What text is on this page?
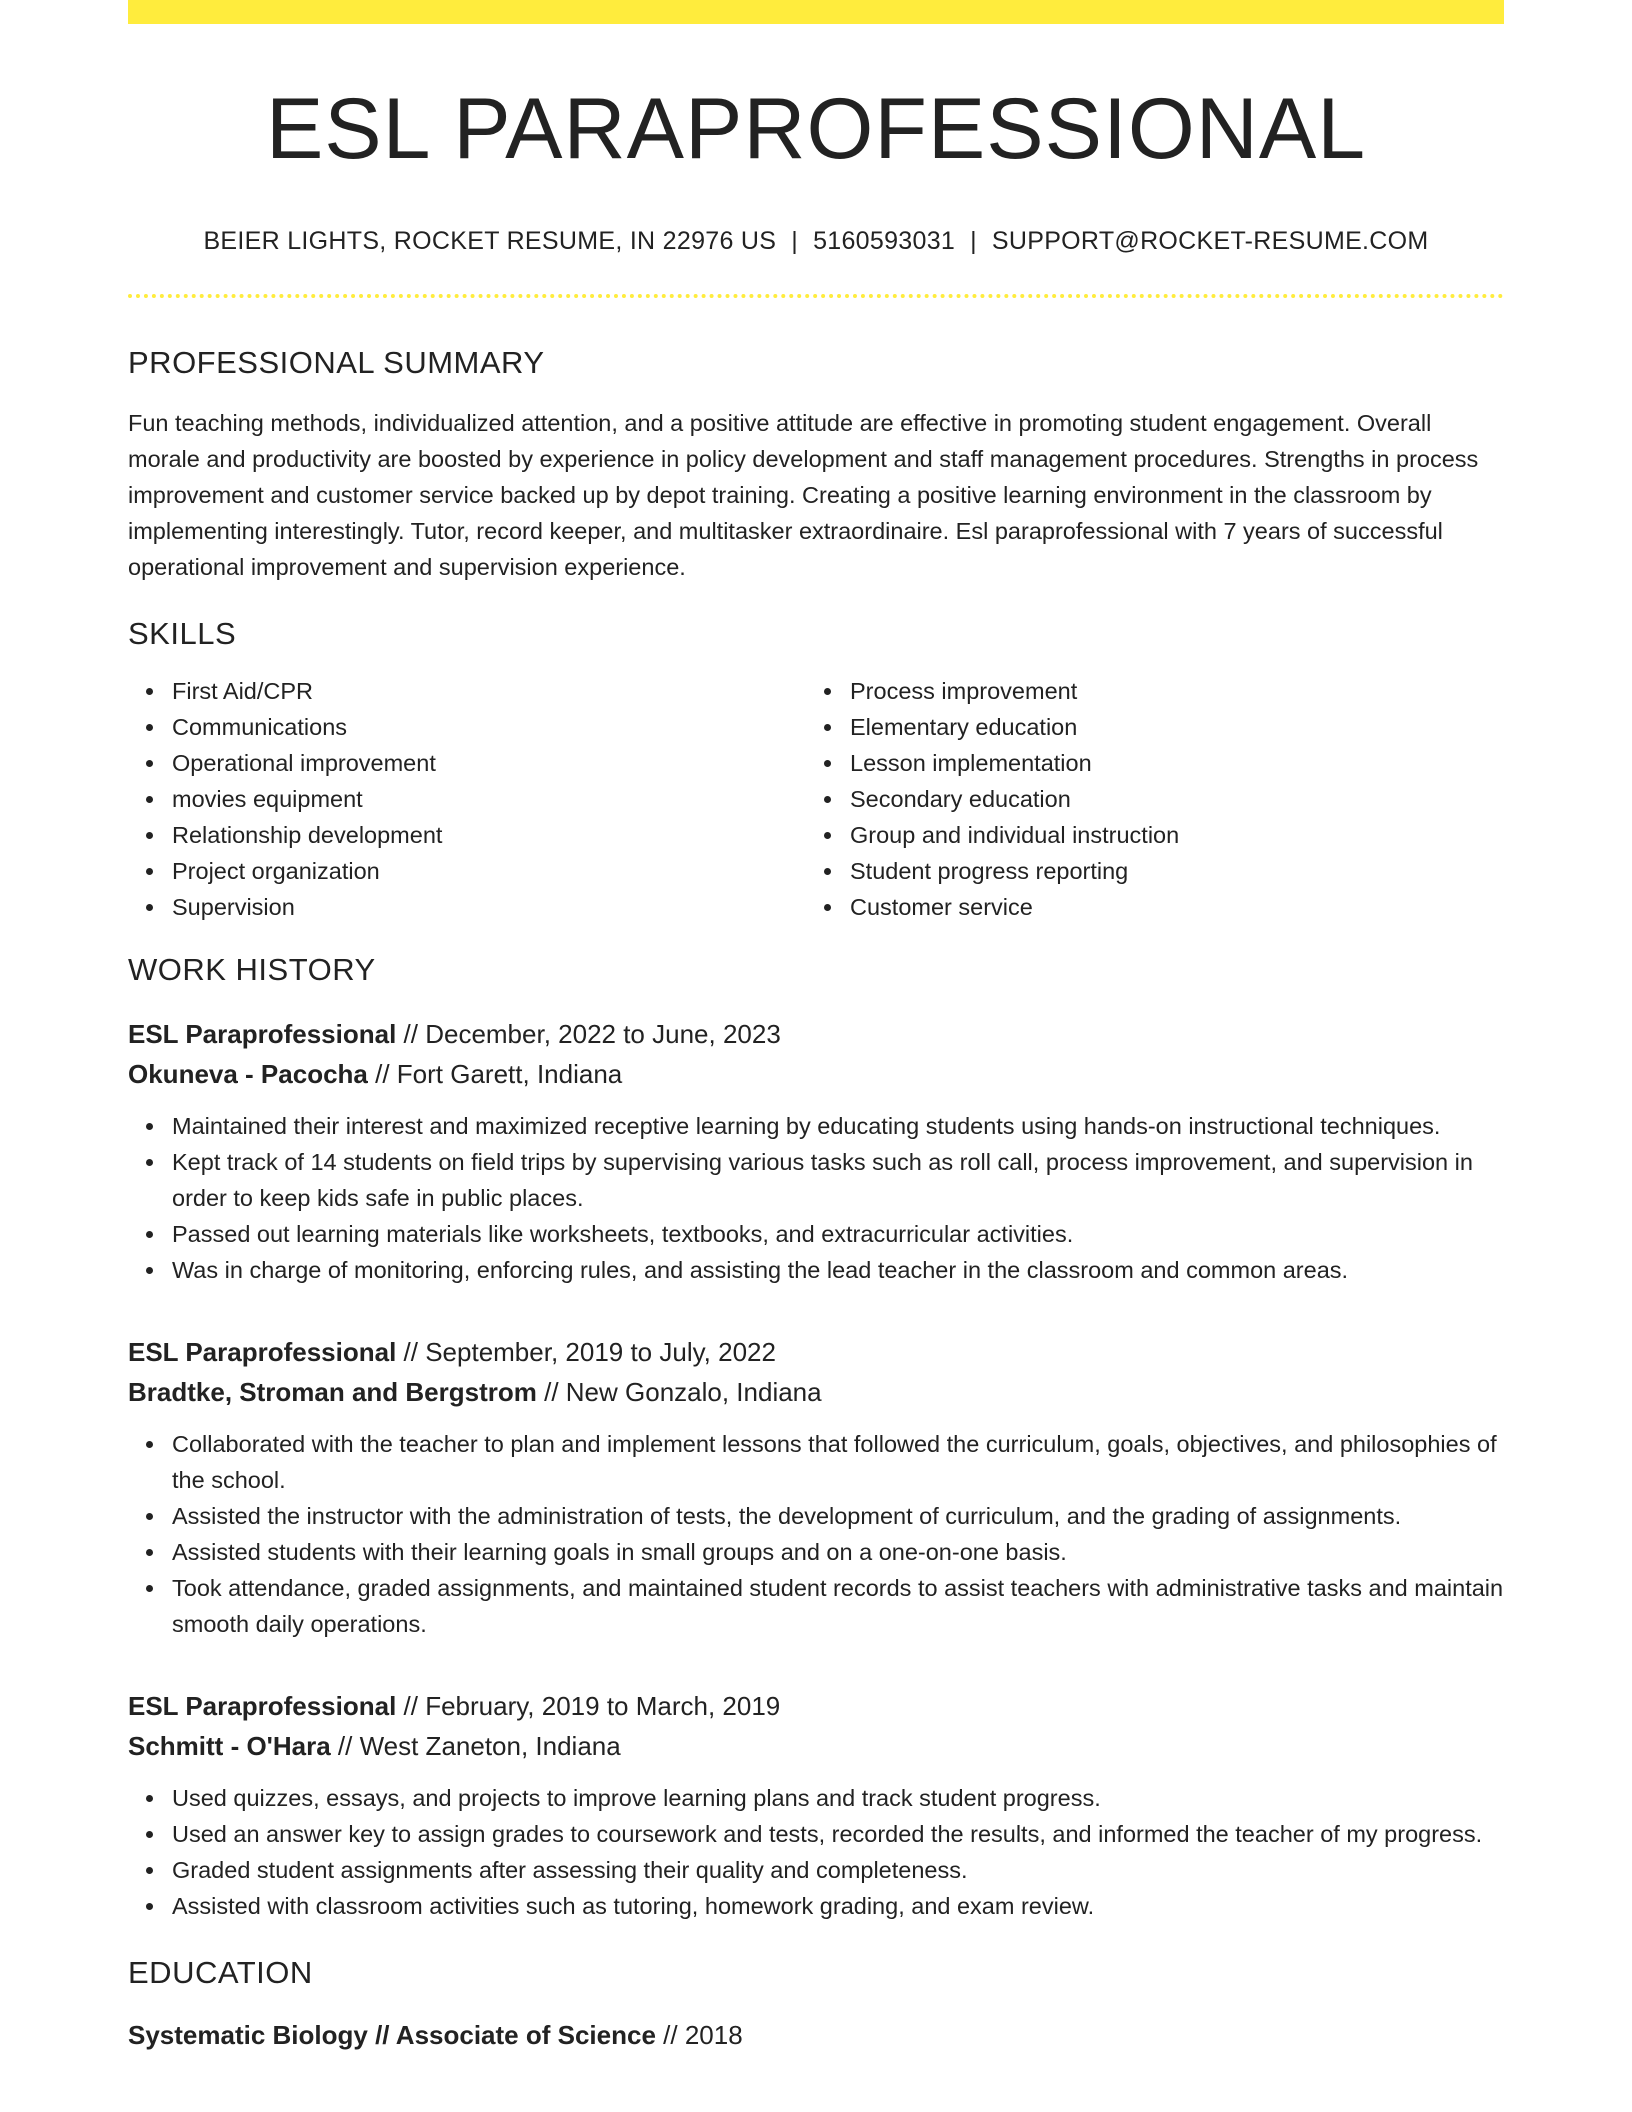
ESL PARAPROFESSIONAL
BEIER LIGHTS, ROCKET RESUME, IN 22976 US | 5160593031 | SUPPORT@ROCKET-RESUME.COM
PROFESSIONAL SUMMARY

Fun teaching methods, individualized attention, and a positive attitude are effective in promoting student engagement. Overall morale and productivity are boosted by experience in policy development and staff management procedures. Strengths in process improvement and customer service backed up by depot training. Creating a positive learning environment in the classroom by implementing interestingly. Tutor, record keeper, and multitasker extraordinaire. Esl paraprofessional with 7 years of successful operational improvement and supervision experience.

SKILLS
First Aid/CPR
Communications
Operational improvement
movies equipment
Relationship development
Project organization
Supervision
Process improvement
Elementary education
Lesson implementation
Secondary education
Group and individual instruction
Student progress reporting
Customer service
WORK HISTORY
ESL Paraprofessional // December, 2022 to June, 2023
Okuneva - Pacocha // Fort Garett, Indiana
Maintained their interest and maximized receptive learning by educating students using hands-on instructional techniques.
Kept track of 14 students on field trips by supervising various tasks such as roll call, process improvement, and supervision in order to keep kids safe in public places.
Passed out learning materials like worksheets, textbooks, and extracurricular activities.
Was in charge of monitoring, enforcing rules, and assisting the lead teacher in the classroom and common areas.
ESL Paraprofessional // September, 2019 to July, 2022
Bradtke, Stroman and Bergstrom // New Gonzalo, Indiana
Collaborated with the teacher to plan and implement lessons that followed the curriculum, goals, objectives, and philosophies of the school.
Assisted the instructor with the administration of tests, the development of curriculum, and the grading of assignments.
Assisted students with their learning goals in small groups and on a one-on-one basis.
Took attendance, graded assignments, and maintained student records to assist teachers with administrative tasks and maintain smooth daily operations.
ESL Paraprofessional // February, 2019 to March, 2019
Schmitt - O'Hara // West Zaneton, Indiana
Used quizzes, essays, and projects to improve learning plans and track student progress.
Used an answer key to assign grades to coursework and tests, recorded the results, and informed the teacher of my progress.
Graded student assignments after assessing their quality and completeness.
Assisted with classroom activities such as tutoring, homework grading, and exam review.
EDUCATION
Systematic Biology // Associate of Science // 2018
